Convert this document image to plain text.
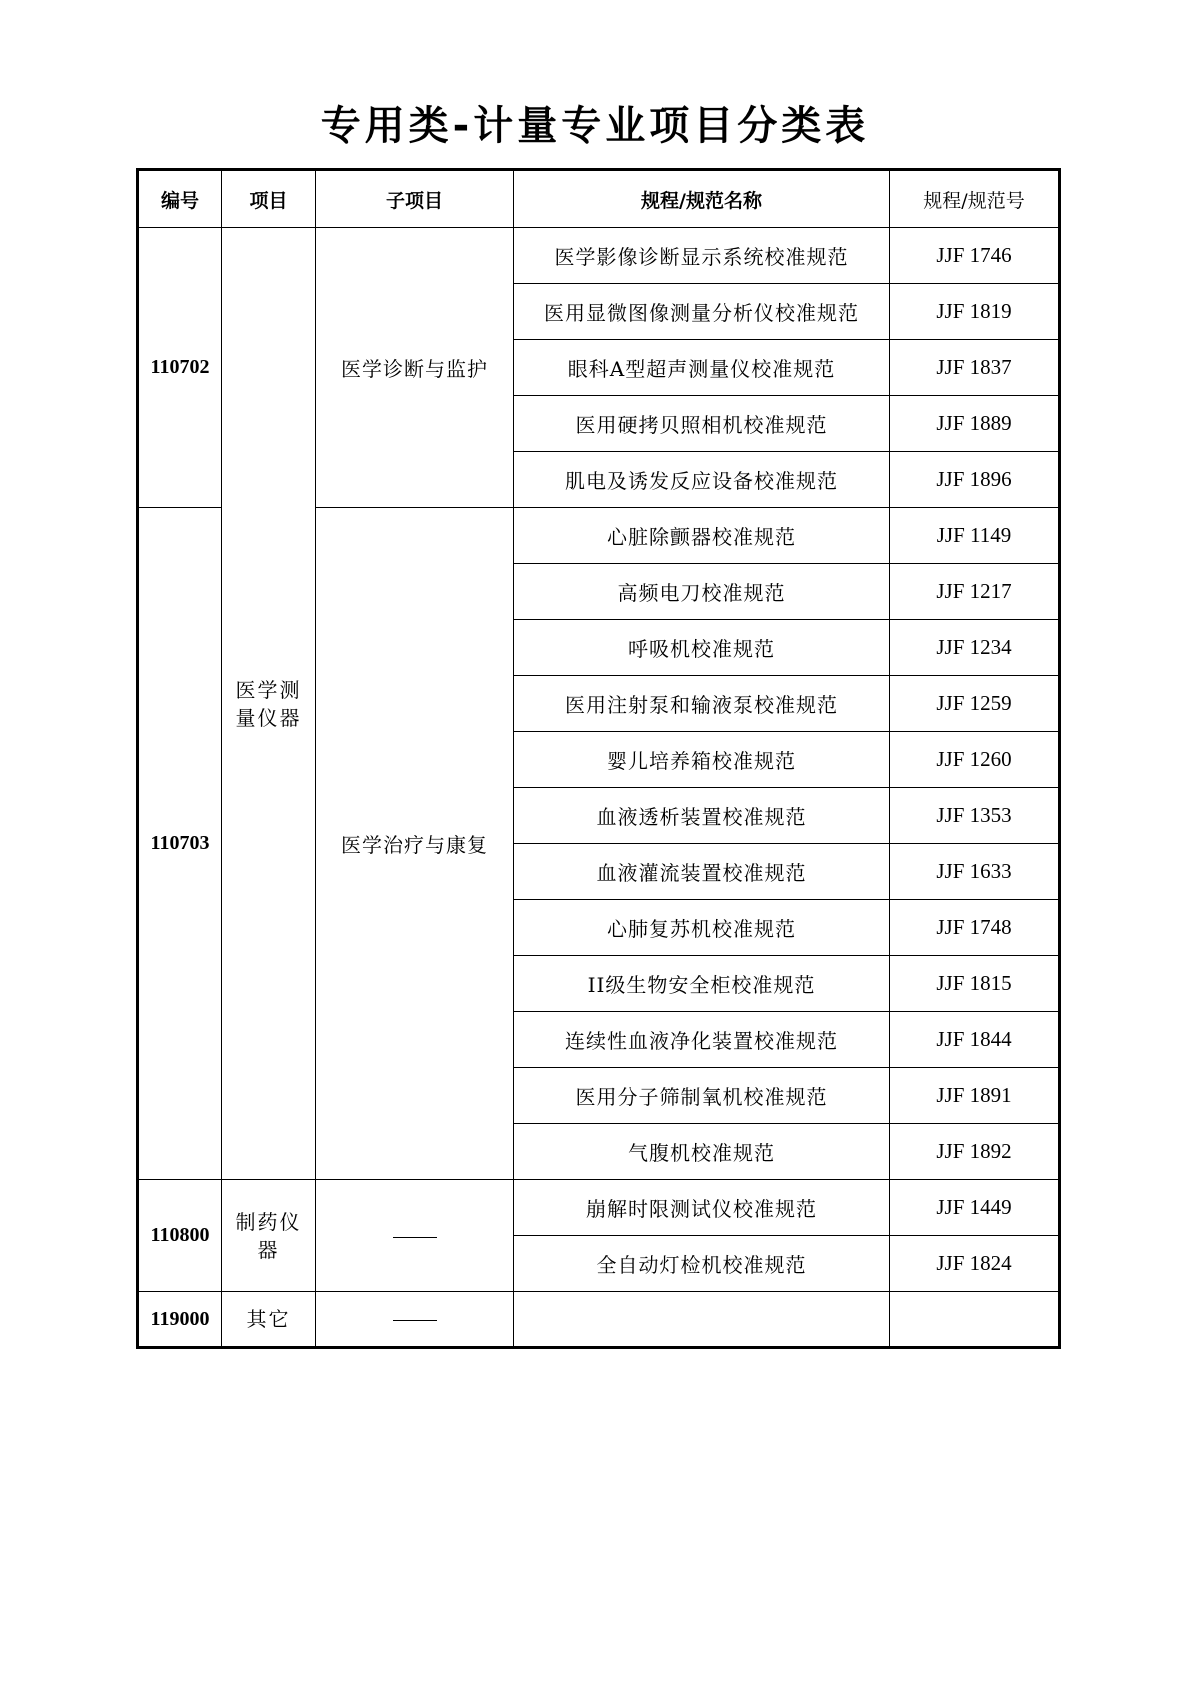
专用类-计量专业项目分类表
编号	项目	子项目	规程/规范名称	规程/规范号
110702	医学测量仪器	医学诊断与监护	医学影像诊断显示系统校准规范	JJF 1746
			医用显微图像测量分析仪校准规范	JJF 1819
			眼科A型超声测量仪校准规范	JJF 1837
			医用硬拷贝照相机校准规范	JJF 1889
			肌电及诱发反应设备校准规范	JJF 1896
110703		医学治疗与康复	心脏除颤器校准规范	JJF 1149
			高频电刀校准规范	JJF 1217
			呼吸机校准规范	JJF 1234
			医用注射泵和输液泵校准规范	JJF 1259
			婴儿培养箱校准规范	JJF 1260
			血液透析装置校准规范	JJF 1353
			血液灌流装置校准规范	JJF 1633
			心肺复苏机校准规范	JJF 1748
			II级生物安全柜校准规范	JJF 1815
			连续性血液净化装置校准规范	JJF 1844
			医用分子筛制氧机校准规范	JJF 1891
			气腹机校准规范	JJF 1892
110800	制药仪器		崩解时限测试仪校准规范	JJF 1449
			全自动灯检机校准规范	JJF 1824
119000	其它			
